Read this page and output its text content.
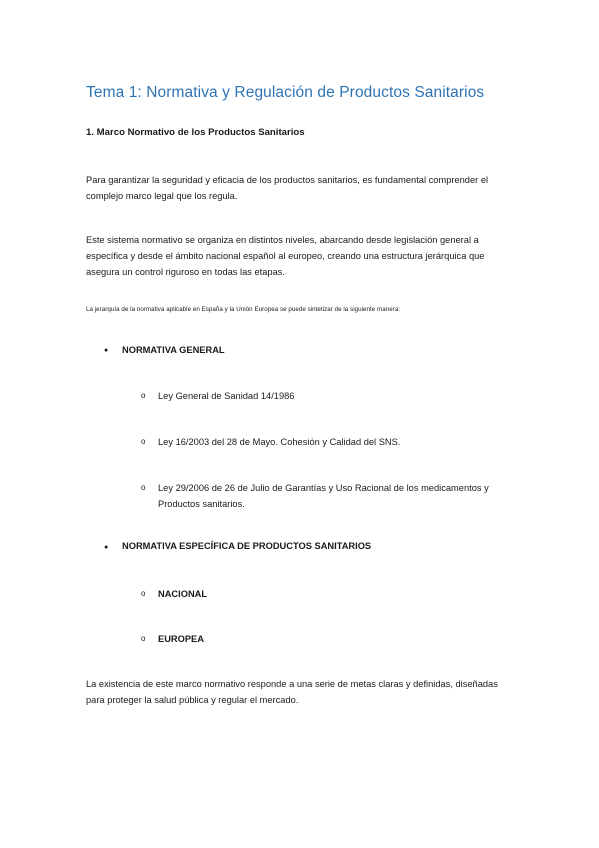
Tema 1: Normativa y Regulación de Productos Sanitarios
1. Marco Normativo de los Productos Sanitarios
Para garantizar la seguridad y eficacia de los productos sanitarios, es fundamental comprender el complejo marco legal que los regula.
Este sistema normativo se organiza en distintos niveles, abarcando desde legislación general a específica y desde el ámbito nacional español al europeo, creando una estructura jerárquica que asegura un control riguroso en todas las etapas.
La jerarquía de la normativa aplicable en España y la Unión Europea se puede sintetizar de la siguiente manera:
● NORMATIVA GENERAL
o Ley General de Sanidad 14/1986
o Ley 16/2003 del 28 de Mayo. Cohesión y Calidad del SNS.
o Ley 29/2006 de 26 de Julio de Garantías y Uso Racional de los medicamentos y Productos sanitarios.
● NORMATIVA ESPECÍFICA DE PRODUCTOS SANITARIOS
o NACIONAL
o EUROPEA
La existencia de este marco normativo responde a una serie de metas claras y definidas, diseñadas para proteger la salud pública y regular el mercado.
